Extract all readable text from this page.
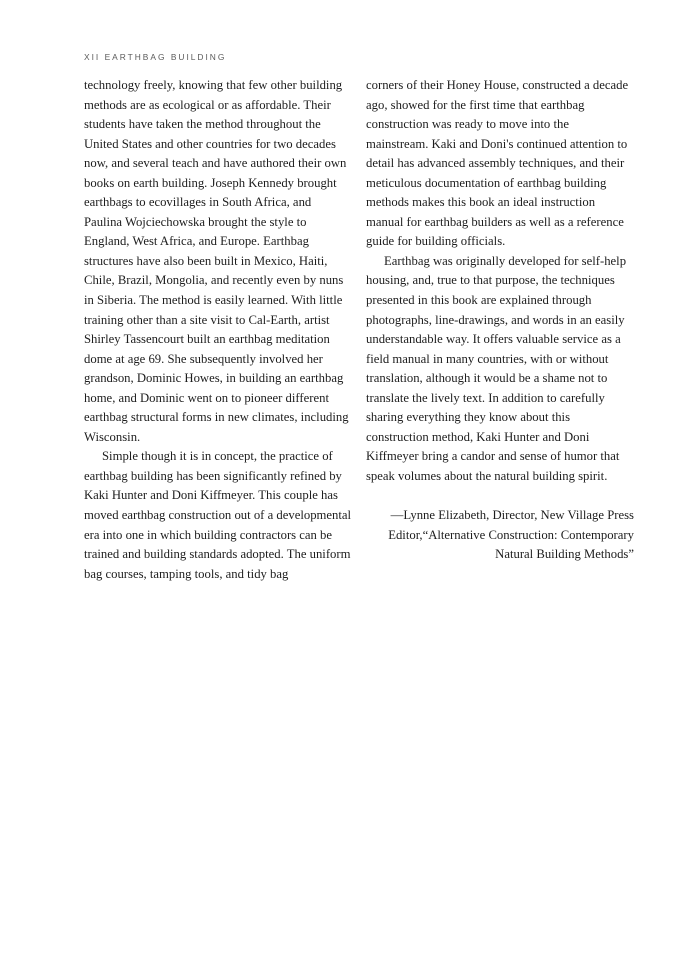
XII EARTHBAG BUILDING

technology freely, knowing that few other building methods are as ecological or as affordable. Their students have taken the method throughout the United States and other countries for two decades now, and several teach and have authored their own books on earth building. Joseph Kennedy brought earthbags to ecovillages in South Africa, and Paulina Wojciechowska brought the style to England, West Africa, and Europe. Earthbag structures have also been built in Mexico, Haiti, Chile, Brazil, Mongolia, and recently even by nuns in Siberia. The method is easily learned. With little training other than a site visit to Cal-Earth, artist Shirley Tassencourt built an earthbag meditation dome at age 69. She subsequently involved her grandson, Dominic Howes, in building an earthbag home, and Dominic went on to pioneer different earthbag structural forms in new climates, including Wisconsin.

Simple though it is in concept, the practice of earthbag building has been significantly refined by Kaki Hunter and Doni Kiffmeyer. This couple has moved earthbag construction out of a developmental era into one in which building contractors can be trained and building standards adopted. The uniform bag courses, tamping tools, and tidy bag

corners of their Honey House, constructed a decade ago, showed for the first time that earthbag construction was ready to move into the mainstream. Kaki and Doni's continued attention to detail has advanced assembly techniques, and their meticulous documentation of earthbag building methods makes this book an ideal instruction manual for earthbag builders as well as a reference guide for building officials.

Earthbag was originally developed for self-help housing, and, true to that purpose, the techniques presented in this book are explained through photographs, line-drawings, and words in an easily understandable way. It offers valuable service as a field manual in many countries, with or without translation, although it would be a shame not to translate the lively text. In addition to carefully sharing everything they know about this construction method, Kaki Hunter and Doni Kiffmeyer bring a candor and sense of humor that speak volumes about the natural building spirit.

—Lynne Elizabeth, Director, New Village Press
Editor,“Alternative Construction: Contemporary
Natural Building Methods”
